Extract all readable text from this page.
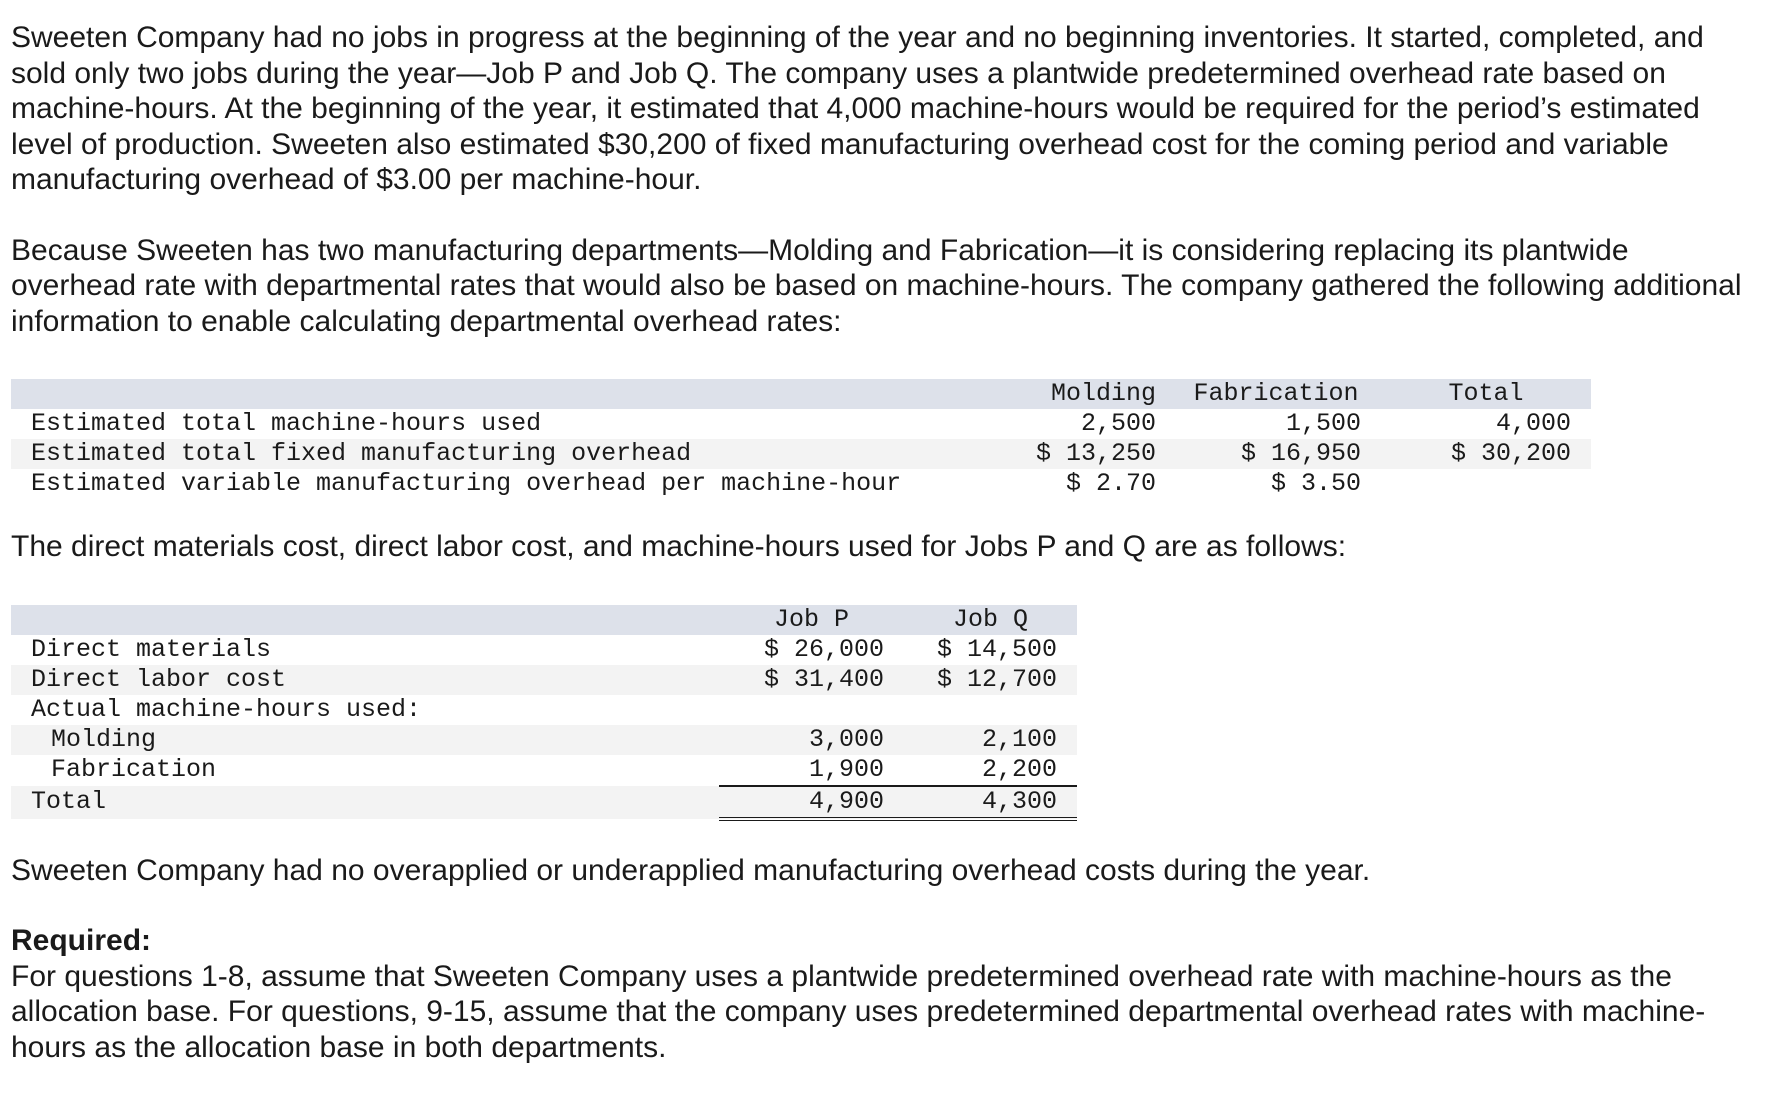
Sweeten Company had no jobs in progress at the beginning of the year and no beginning inventories. It started, completed, and sold only two jobs during the year—Job P and Job Q. The company uses a plantwide predetermined overhead rate based on machine-hours. At the beginning of the year, it estimated that 4,000 machine-hours would be required for the period’s estimated level of production. Sweeten also estimated $30,200 of fixed manufacturing overhead cost for the coming period and variable manufacturing overhead of $3.00 per machine-hour.

Because Sweeten has two manufacturing departments—Molding and Fabrication—it is considering replacing its plantwide overhead rate with departmental rates that would also be based on machine-hours. The company gathered the following additional information to enable calculating departmental overhead rates:

	Molding	Fabrication	Total
Estimated total machine-hours used	2,500	1,500	4,000
Estimated total fixed manufacturing overhead	$ 13,250	$ 16,950	$ 30,200
Estimated variable manufacturing overhead per machine-hour	$ 2.70	$ 3.50	

The direct materials cost, direct labor cost, and machine-hours used for Jobs P and Q are as follows:

	Job P	Job Q
Direct materials	$ 26,000	$ 14,500
Direct labor cost	$ 31,400	$ 12,700
Actual machine-hours used:		
Molding	3,000	2,100
Fabrication	1,900	2,200
Total	4,900	4,300

Sweeten Company had no overapplied or underapplied manufacturing overhead costs during the year.

Required:
For questions 1-8, assume that Sweeten Company uses a plantwide predetermined overhead rate with machine-hours as the allocation base. For questions, 9-15, assume that the company uses predetermined departmental overhead rates with machine-hours as the allocation base in both departments.
